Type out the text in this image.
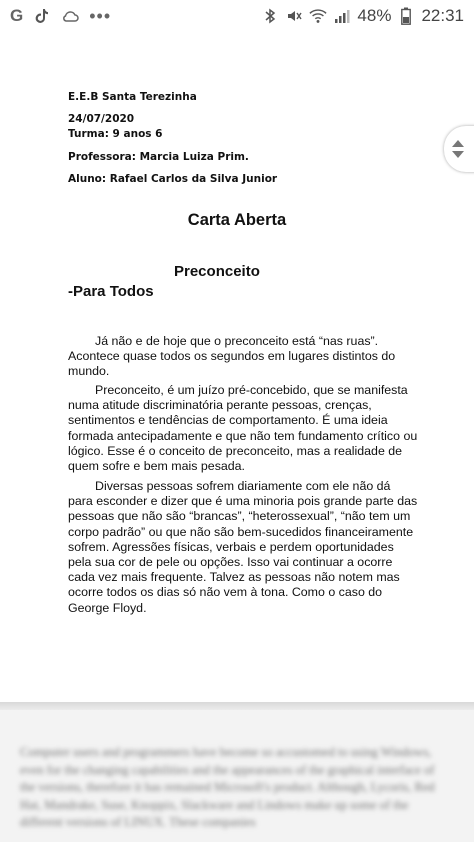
G	•••	48% 22:31
E.E.B Santa Terezinha
24/07/2020
Turma: 9 anos 6
Professora: Marcia Luiza Prim.
Aluno: Rafael Carlos da Silva Junior
Carta Aberta
Preconceito
-Para Todos

Já não e de hoje que o preconceito está “nas ruas”. Acontece quase todos os segundos em lugares distintos do mundo.

Preconceito, é um juízo pré-concebido, que se manifesta numa atitude discriminatória perante pessoas, crenças, sentimentos e tendências de comportamento. É uma ideia formada antecipadamente e que não tem fundamento crítico ou lógico. Esse é o conceito de preconceito, mas a realidade de quem sofre e bem mais pesada.

Diversas pessoas sofrem diariamente com ele não dá para esconder e dizer que é uma minoria pois grande parte das pessoas que não são “brancas”, “heterossexual”, “não tem um corpo padrão” ou que não são bem-sucedidos financeiramente sofrem. Agressões físicas, verbais e perdem oportunidades pela sua cor de pele ou opções. Isso vai continuar a ocorre cada vez mais frequente. Talvez as pessoas não notem mas ocorre todos os dias só não vem à tona. Como o caso do George Floyd.

Computer users and programmers have become so accustomed to using Windows, even for the changing capabilities and the appearances of the graphical interface of the versions, therefore it has remained Microsoft's product. Although, Lycoris, Red Hat, Mandrake, Suse, Knoppix, Slackware and Lindows make up some of the different versions of LINUX. These companies
